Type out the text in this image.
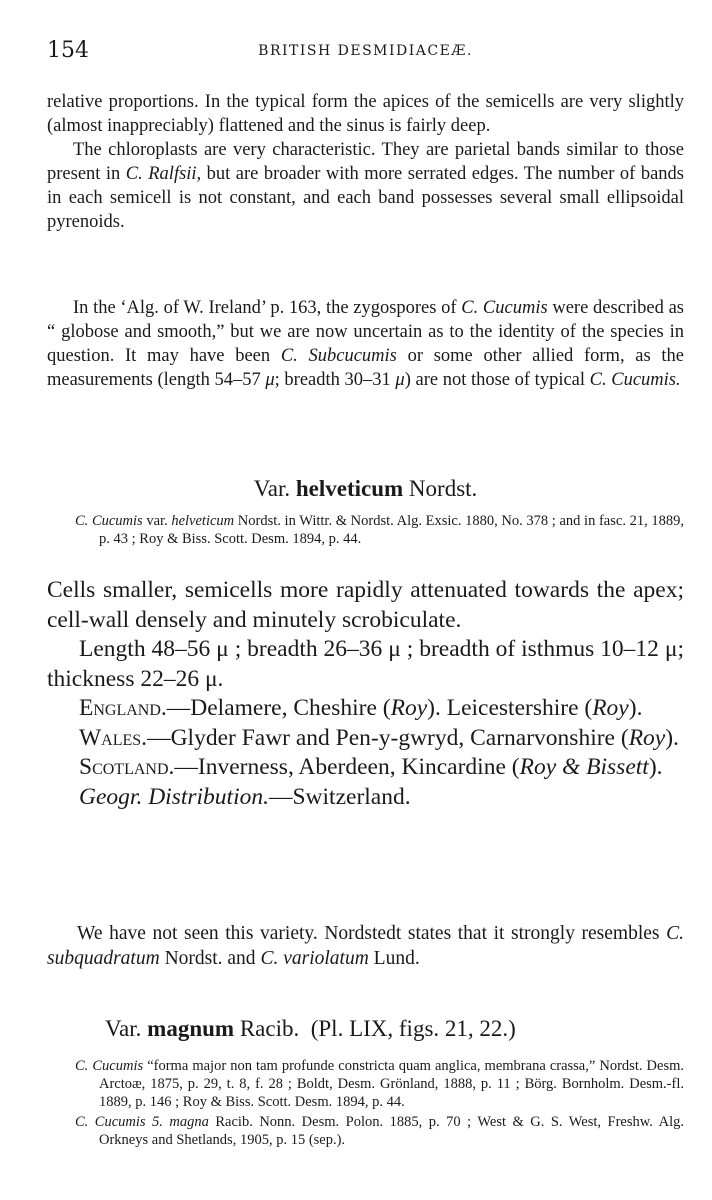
154	BRITISH DESMIDIACEÆ.

relative proportions. In the typical form the apices of the semicells are very slightly (almost inappreciably) flattened and the sinus is fairly deep.

The chloroplasts are very characteristic. They are parietal bands similar to those present in C. Ralfsii, but are broader with more serrated edges. The number of bands in each semicell is not constant, and each band possesses several small ellipsoidal pyrenoids.

In the ‘Alg. of W. Ireland’ p. 163, the zygospores of C. Cucumis were described as “ globose and smooth,” but we are now uncertain as to the identity of the species in question. It may have been C. Subcucumis or some other allied form, as the measurements (length 54–57 μ; breadth 30–31 μ) are not those of typical C. Cucumis.

Var. helveticum Nordst.

C. Cucumis var. helveticum Nordst. in Wittr. & Nordst. Alg. Exsic. 1880, No. 378 ; and in fasc. 21, 1889, p. 43 ; Roy & Biss. Scott. Desm. 1894, p. 44.

Cells smaller, semicells more rapidly attenuated towards the apex; cell-wall densely and minutely scrobiculate.

Length 48–56 μ ; breadth 26–36 μ ; breadth of isthmus 10–12 μ; thickness 22–26 μ.

England.—Delamere, Cheshire (Roy). Leicestershire (Roy).

Wales.—Glyder Fawr and Pen-y-gwryd, Carnarvonshire (Roy).

Scotland.—Inverness, Aberdeen, Kincardine (Roy & Bissett).

Geogr. Distribution.—Switzerland.

We have not seen this variety. Nordstedt states that it strongly resembles C. subquadratum Nordst. and C. variolatum Lund.

Var. magnum Racib.  (Pl. LIX, figs. 21, 22.)

C. Cucumis “forma major non tam profunde constricta quam anglica, membrana crassa,” Nordst. Desm. Arctoæ, 1875, p. 29, t. 8, f. 28 ; Boldt, Desm. Grönland, 1888, p. 11 ; Börg. Bornholm. Desm.-fl. 1889, p. 146 ; Roy & Biss. Scott. Desm. 1894, p. 44.

C. Cucumis 5. magna Racib. Nonn. Desm. Polon. 1885, p. 70 ; West & G. S. West, Freshw. Alg. Orkneys and Shetlands, 1905, p. 15 (sep.).
